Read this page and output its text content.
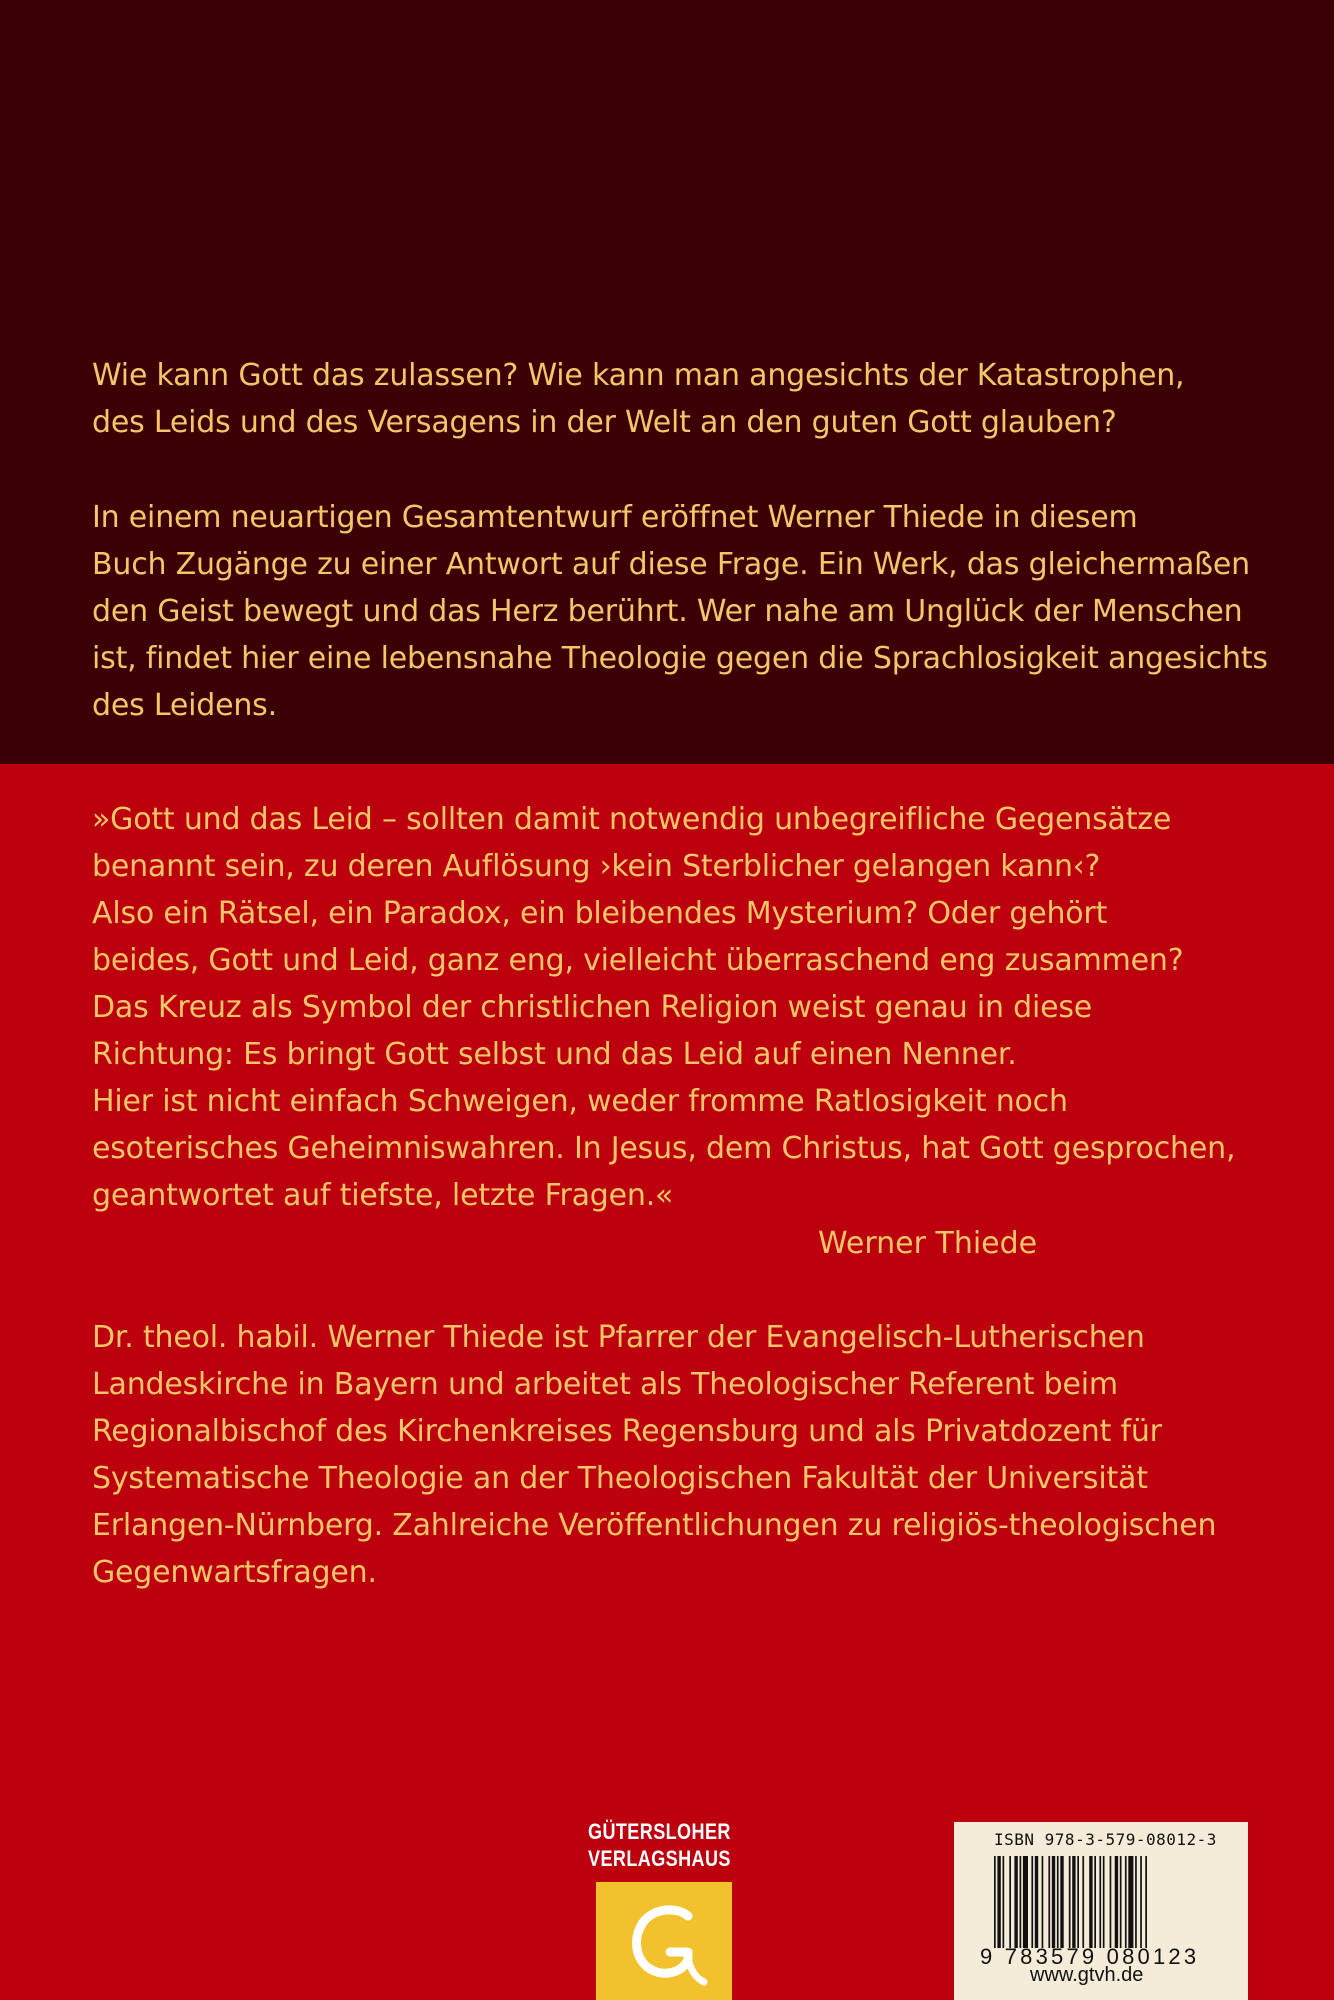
Wie kann Gott das zulassen? Wie kann man angesichts der Katastrophen,
des Leids und des Versagens in der Welt an den guten Gott glauben?

In einem neuartigen Gesamtentwurf eröffnet Werner Thiede in diesem
Buch Zugänge zu einer Antwort auf diese Frage. Ein Werk, das gleichermaßen
den Geist bewegt und das Herz berührt. Wer nahe am Unglück der Menschen
ist, findet hier eine lebensnahe Theologie gegen die Sprachlosigkeit angesichts
des Leidens.

»Gott und das Leid – sollten damit notwendig unbegreifliche Gegensätze
benannt sein, zu deren Auflösung ›kein Sterblicher gelangen kann‹?
Also ein Rätsel, ein Paradox, ein bleibendes Mysterium? Oder gehört
beides, Gott und Leid, ganz eng, vielleicht überraschend eng zusammen?
Das Kreuz als Symbol der christlichen Religion weist genau in diese
Richtung: Es bringt Gott selbst und das Leid auf einen Nenner.
Hier ist nicht einfach Schweigen, weder fromme Ratlosigkeit noch
esoterisches Geheimniswahren. In Jesus, dem Christus, hat Gott gesprochen,
geantwortet auf tiefste, letzte Fragen.«

Werner Thiede

Dr. theol. habil. Werner Thiede ist Pfarrer der Evangelisch-Lutherischen
Landeskirche in Bayern und arbeitet als Theologischer Referent beim
Regionalbischof des Kirchenkreises Regensburg und als Privatdozent für
Systematische Theologie an der Theologischen Fakultät der Universität
Erlangen-Nürnberg. Zahlreiche Veröffentlichungen zu religiös-theologischen
Gegenwartsfragen.

GÜTERSLOHER
VERLAGSHAUS
ISBN 978-3-579-08012-3
9 783579 080123
www.gtvh.de
